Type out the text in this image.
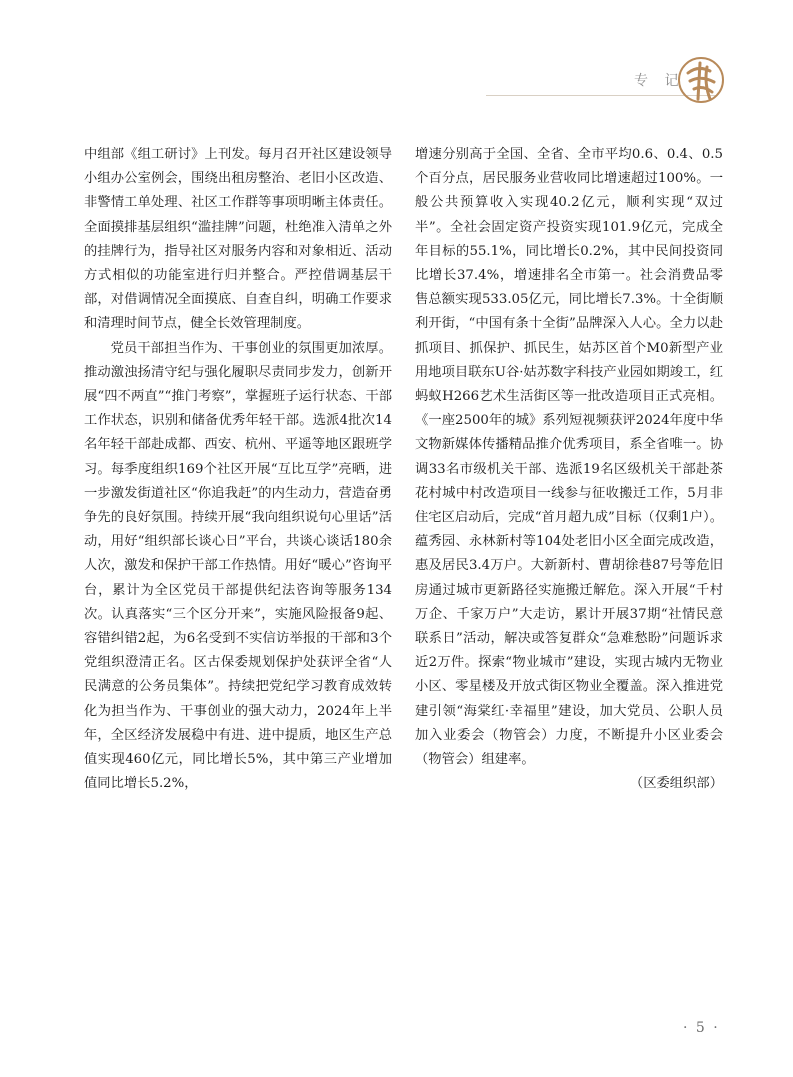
专 记

中组部《组工研讨》上刊发。每月召开社区建设领导小组办公室例会，围绕出租房整治、老旧小区改造、非警情工单处理、社区工作群等事项明晰主体责任。全面摸排基层组织“滥挂牌”问题，杜绝准入清单之外的挂牌行为，指导社区对服务内容和对象相近、活动方式相似的功能室进行归并整合。严控借调基层干部，对借调情况全面摸底、自查自纠，明确工作要求和清理时间节点，健全长效管理制度。

党员干部担当作为、干事创业的氛围更加浓厚。推动激浊扬清守纪与强化履职尽责同步发力，创新开展“四不两直”“推门考察”，掌握班子运行状态、干部工作状态，识别和储备优秀年轻干部。选派4批次14名年轻干部赴成都、西安、杭州、平遥等地区跟班学习。每季度组织169个社区开展“互比互学”亮晒，进一步激发街道社区“你追我赶”的内生动力，营造奋勇争先的良好氛围。持续开展“我向组织说句心里话”活动，用好“组织部长谈心日”平台，共谈心谈话180余人次，激发和保护干部工作热情。用好“暖心”咨询平台，累计为全区党员干部提供纪法咨询等服务134次。认真落实“三个区分开来”，实施风险报备9起、容错纠错2起，为6名受到不实信访举报的干部和3个党组织澄清正名。区古保委规划保护处获评全省“人民满意的公务员集体”。持续把党纪学习教育成效转化为担当作为、干事创业的强大动力，2024年上半年，全区经济发展稳中有进、进中提质，地区生产总值实现460亿元，同比增长5%，其中第三产业增加值同比增长5.2%，

增速分别高于全国、全省、全市平均0.6、0.4、0.5个百分点，居民服务业营收同比增速超过100%。一般公共预算收入实现40.2亿元，顺利实现“双过半”。全社会固定资产投资实现101.9亿元，完成全年目标的55.1%，同比增长0.2%，其中民间投资同比增长37.4%，增速排名全市第一。社会消费品零售总额实现533.05亿元，同比增长7.3%。十全街顺利开街，“中国有条十全街”品牌深入人心。全力以赴抓项目、抓保护、抓民生，姑苏区首个M0新型产业用地项目联东U谷·姑苏数字科技产业园如期竣工，红蚂蚁H266艺术生活街区等一批改造项目正式亮相。《一座2500年的城》系列短视频获评2024年度中华文物新媒体传播精品推介优秀项目，系全省唯一。协调33名市级机关干部、选派19名区级机关干部赴茶花村城中村改造项目一线参与征收搬迁工作，5月非住宅区启动后，完成“首月超九成”目标（仅剩1户）。蕴秀园、永林新村等104处老旧小区全面完成改造，惠及居民3.4万户。大新新村、曹胡徐巷87号等危旧房通过城市更新路径实施搬迁解危。深入开展“千村万企、千家万户”大走访，累计开展37期“社情民意联系日”活动，解决或答复群众“急难愁盼”问题诉求近2万件。探索“物业城市”建设，实现古城内无物业小区、零星楼及开放式街区物业全覆盖。深入推进党建引领“海棠红·幸福里”建设，加大党员、公职人员加入业委会（物管会）力度，不断提升小区业委会（物管会）组建率。

（区委组织部）

· 5 ·
